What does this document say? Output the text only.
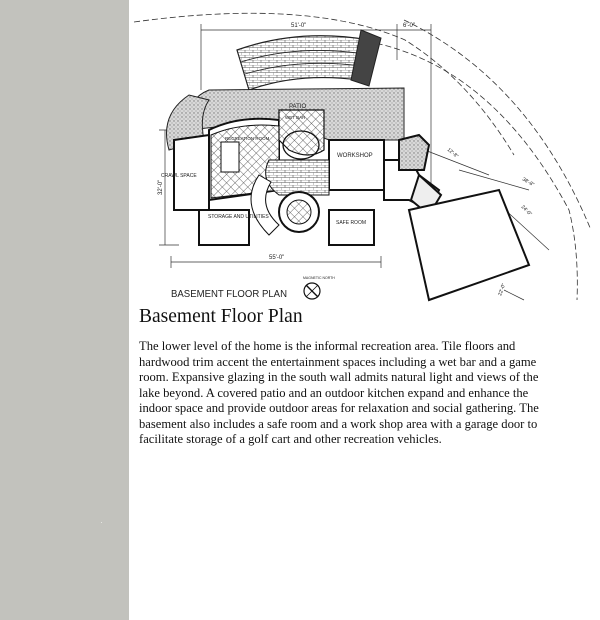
PATIO
WORKSHOP
CRAWL SPACE
STORAGE AND UTILITIES
SAFE ROOM
RECREATION ROOM
WET BAR
51'-0"	6'-0"
55'-0"
32'-0"
12'-8"
38'-8"
24'-0"
22'-0"
BASEMENT FLOOR PLAN
MAGNETIC NORTH
Basement Floor Plan

The lower level of the home is the informal recreation area. Tile floors and hardwood trim accent the entertainment spaces including a wet bar and a game room. Expansive glazing in the south wall admits natural light and views of the lake beyond. A covered patio and an outdoor kitchen expand and enhance the indoor space and provide outdoor areas for relaxation and social gathering. The basement also includes a safe room and a work shop area with a garage door to facilitate storage of a golf cart and other recreation vehicles.
